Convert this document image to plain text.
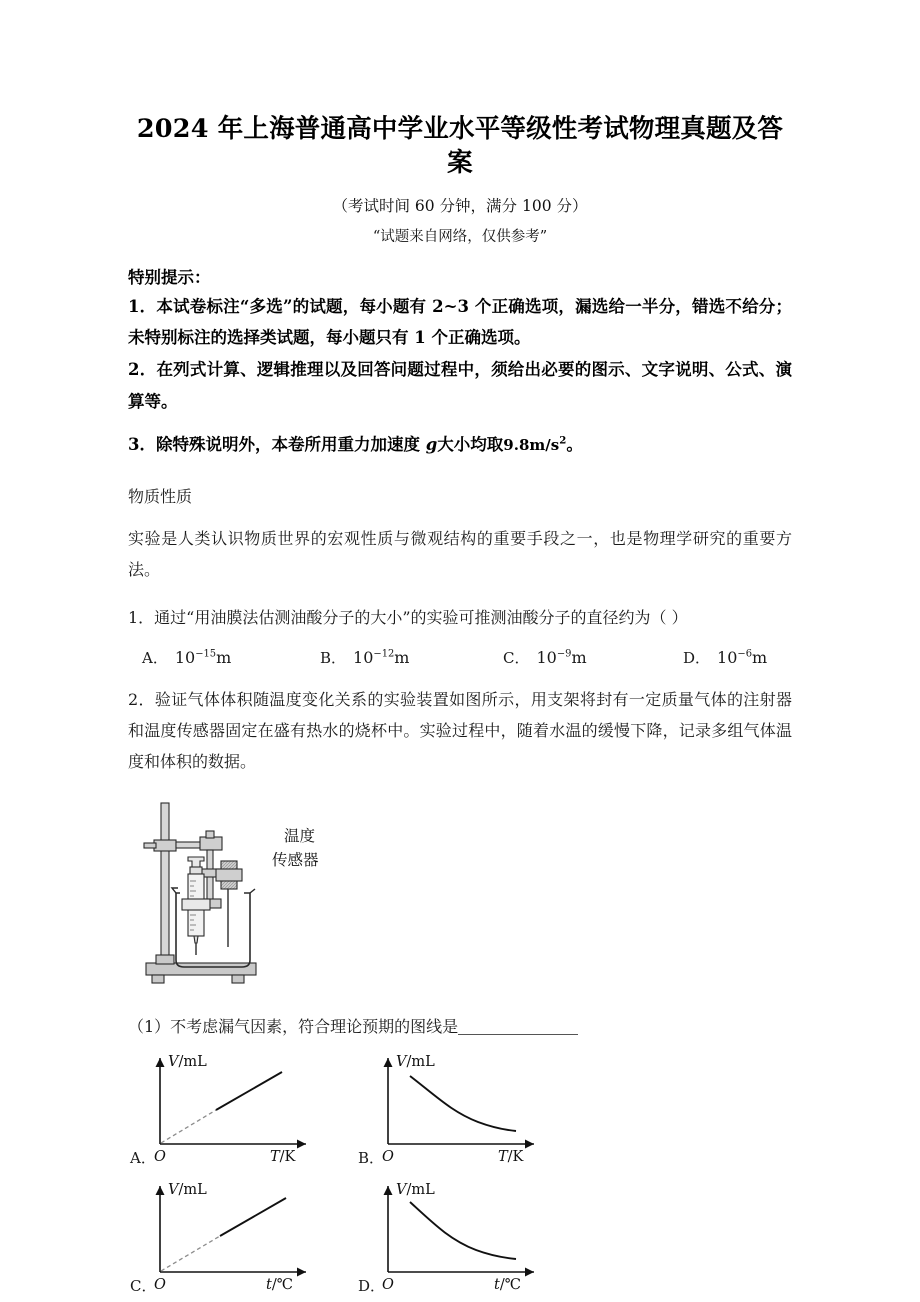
2024 年上海普通高中学业水平等级性考试物理真题及答案
（考试时间 60 分钟，满分 100 分）
“试题来自网络，仅供参考”
特别提示：
1．本试卷标注“多选”的试题，每小题有 2~3 个正确选项，漏选给一半分，错选不给分；未特别标注的选择类试题，每小题只有 1 个正确选项。
2．在列式计算、逻辑推理以及回答问题过程中，须给出必要的图示、文字说明、公式、演算等。
3．除特殊说明外，本卷所用重力加速度 g大小均取$9.8m/s^2$。
物质性质
实验是人类认识物质世界的宏观性质与微观结构的重要手段之一，也是物理学研究的重要方法。
1．通过“用油膜法估测油酸分子的大小”的实验可推测油酸分子的直径约为（ ）
A． $10^{-15}m$	B． $10^{-12}m$	C． $10^{-9}m$	D． $10^{-6}m$
2．验证气体体积随温度变化关系的实验装置如图所示，用支架将封有一定质量气体的注射器和温度传感器固定在盛有热水的烧杯中。实验过程中，随着水温的缓慢下降，记录多组气体温度和体积的数据。
温度
传感器
（1）不考虑漏气因素，符合理论预期的图线是
V/mL
O	T/K
A．
V/mL
O	T/K
B．
V/mL
O	t/℃
C．
V/mL
O	t/℃
D．
